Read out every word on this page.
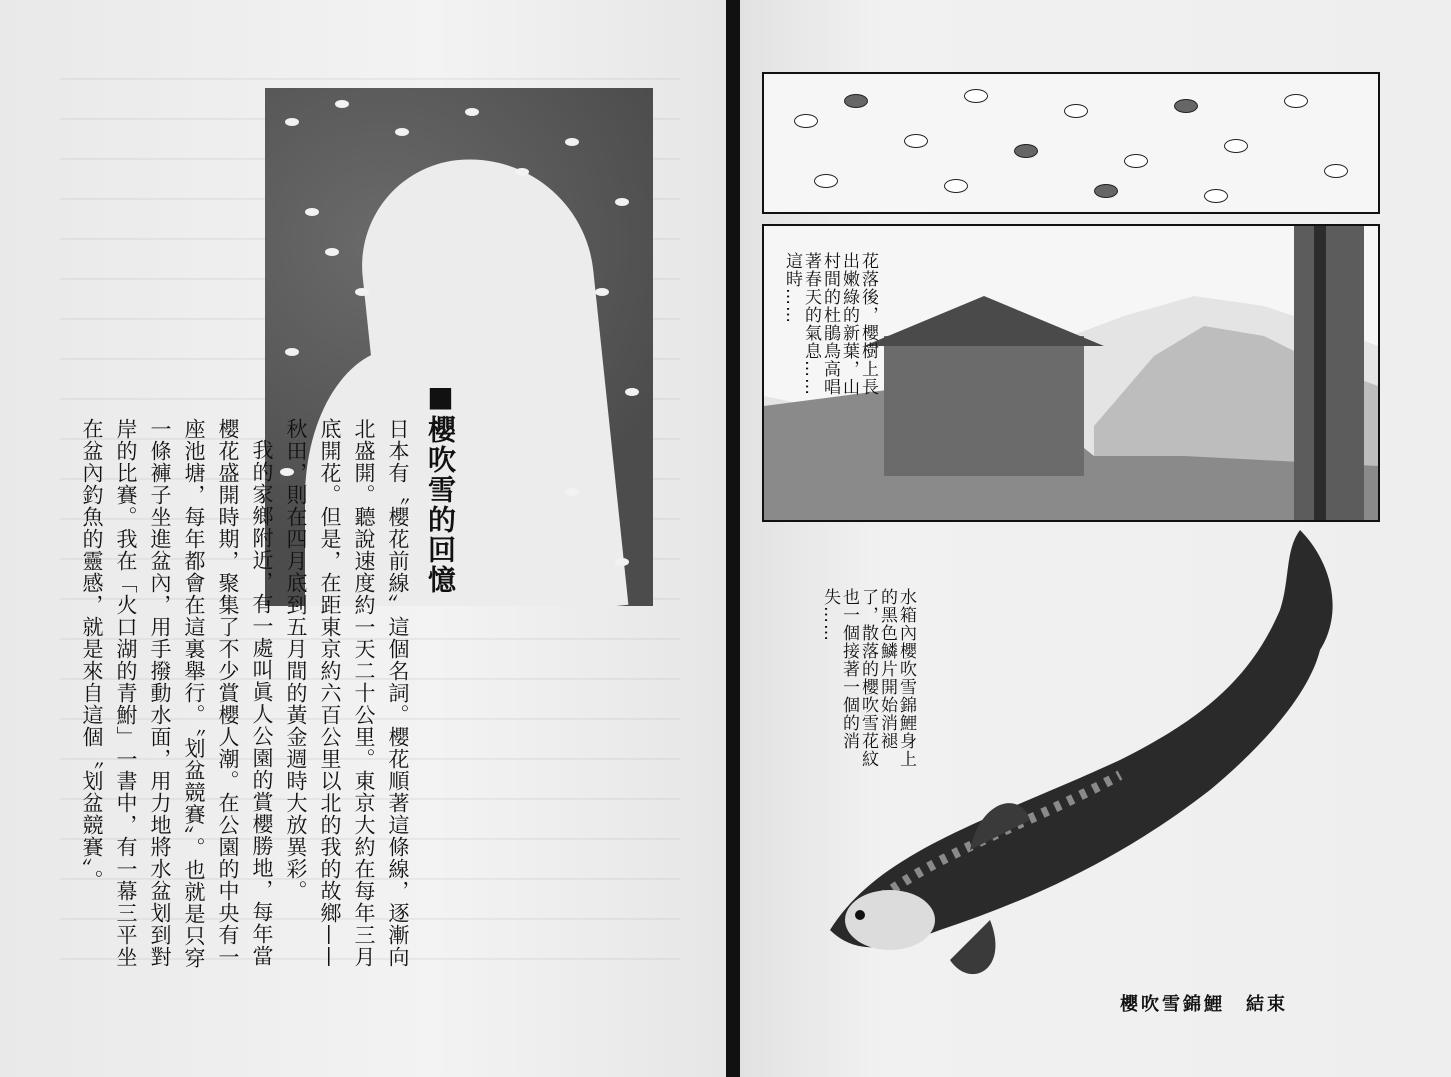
■櫻吹雪的回憶

日本有〝櫻花前線〞這個名詞。櫻花順著這條線，逐漸向北盛開。聽說速度約一天二十公里。東京大約在每年三月底開花。但是，在距東京約六百公里以北的我的故鄉——秋田，則在四月底到五月間的黃金週時大放異彩。

我的家鄉附近，有一處叫眞人公園的賞櫻勝地，每年當櫻花盛開時期，聚集了不少賞櫻人潮。在公園的中央有一座池塘，每年都會在這裏舉行。〝划盆競賽〞。也就是只穿一條褲子坐進盆內，用手撥動水面，用力地將水盆划到對岸的比賽。我在「火口湖的青鮒」一書中，有一幕三平坐在盆內釣魚的靈感，就是來自這個〝划盆競賽〞。

花落後，櫻樹上長出嫩綠的新葉，山村間的杜鵑鳥高唱著春天的氣息……這時……
水箱內櫻吹雪錦鯉身上的黑色鱗片開始消褪了，散落的櫻吹雪花紋也一個接著一個的消失……
櫻吹雪錦鯉　結束
